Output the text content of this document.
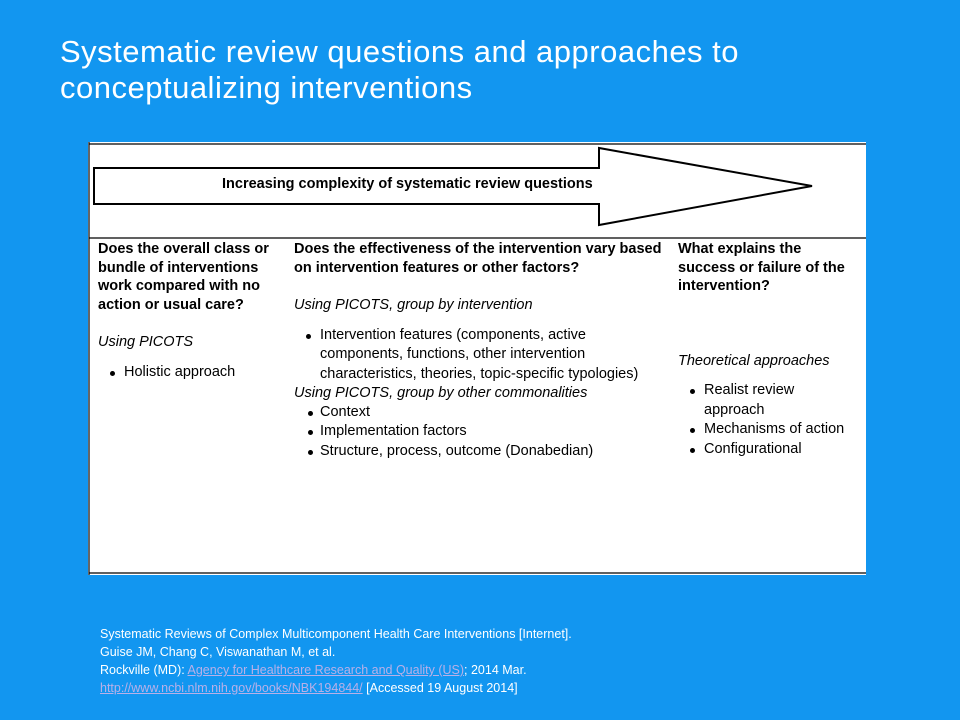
Systematic review questions and approaches to conceptualizing interventions
Increasing complexity of systematic review questions

Does the overall class or bundle of interventions work compared with no action or usual care?

Using PICOTS

Holistic approach

Does the effectiveness of the intervention vary based on intervention features or other factors?

Using PICOTS, group by intervention

Intervention features (components, active components, functions, other intervention characteristics, theories, topic-specific typologies)

Using PICOTS, group by other commonalities

Context
Implementation factors
Structure, process, outcome (Donabedian)

What explains the success or failure of the intervention?

Theoretical approaches

Realist review approach
Mechanisms of action
Configurational

Systematic Reviews of Complex Multicomponent Health Care Interventions [Internet].

Guise JM, Chang C, Viswanathan M, et al.

Rockville (MD): Agency for Healthcare Research and Quality (US); 2014 Mar.

http://www.ncbi.nlm.nih.gov/books/NBK194844/ [Accessed 19 August 2014]
